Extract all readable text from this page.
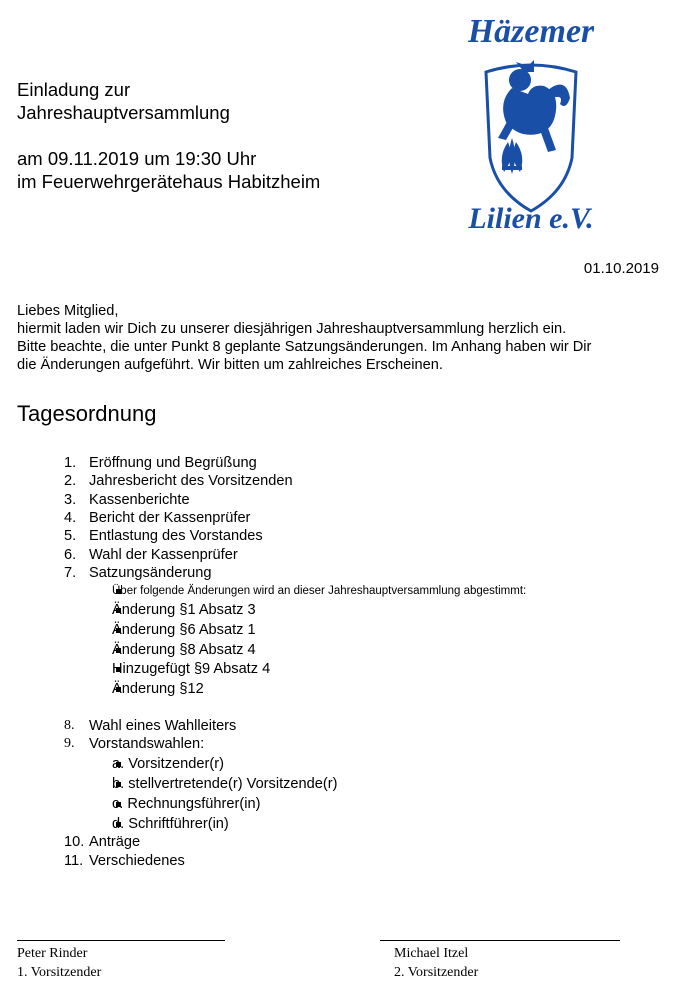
Einladung zur
Jahreshauptversammlung
am 09.11.2019 um 19:30 Uhr
im Feuerwehrgerätehaus Habitzheim
Häzemer
Lilien e.V.
01.10.2019
Liebes Mitglied,
hiermit laden wir Dich zu unserer diesjährigen Jahreshauptversammlung herzlich ein.
Bitte beachte, die unter Punkt 8 geplante Satzungsänderungen. Im Anhang haben wir Dir
die Änderungen aufgeführt. Wir bitten um zahlreiches Erscheinen.
Tagesordnung
1. Eröffnung und Begrüßung
2. Jahresbericht des Vorsitzenden
3. Kassenberichte
4. Bericht der Kassenprüfer
5. Entlastung des Vorstandes
6. Wahl der Kassenprüfer
7. Satzungsänderung
Über folgende Änderungen wird an dieser Jahreshauptversammlung abgestimmt:
Änderung §1 Absatz 3
Änderung §6 Absatz 1
Änderung §8 Absatz 4
Hinzugefügt §9 Absatz 4
Änderung §12
8. Wahl eines Wahlleiters
9. Vorstandswahlen:
a. Vorsitzender(r)
b. stellvertretende(r) Vorsitzende(r)
c. Rechnungsführer(in)
d. Schriftführer(in)
10. Anträge
11. Verschiedenes
Peter Rinder
1. Vorsitzender
Michael Itzel
2. Vorsitzender
